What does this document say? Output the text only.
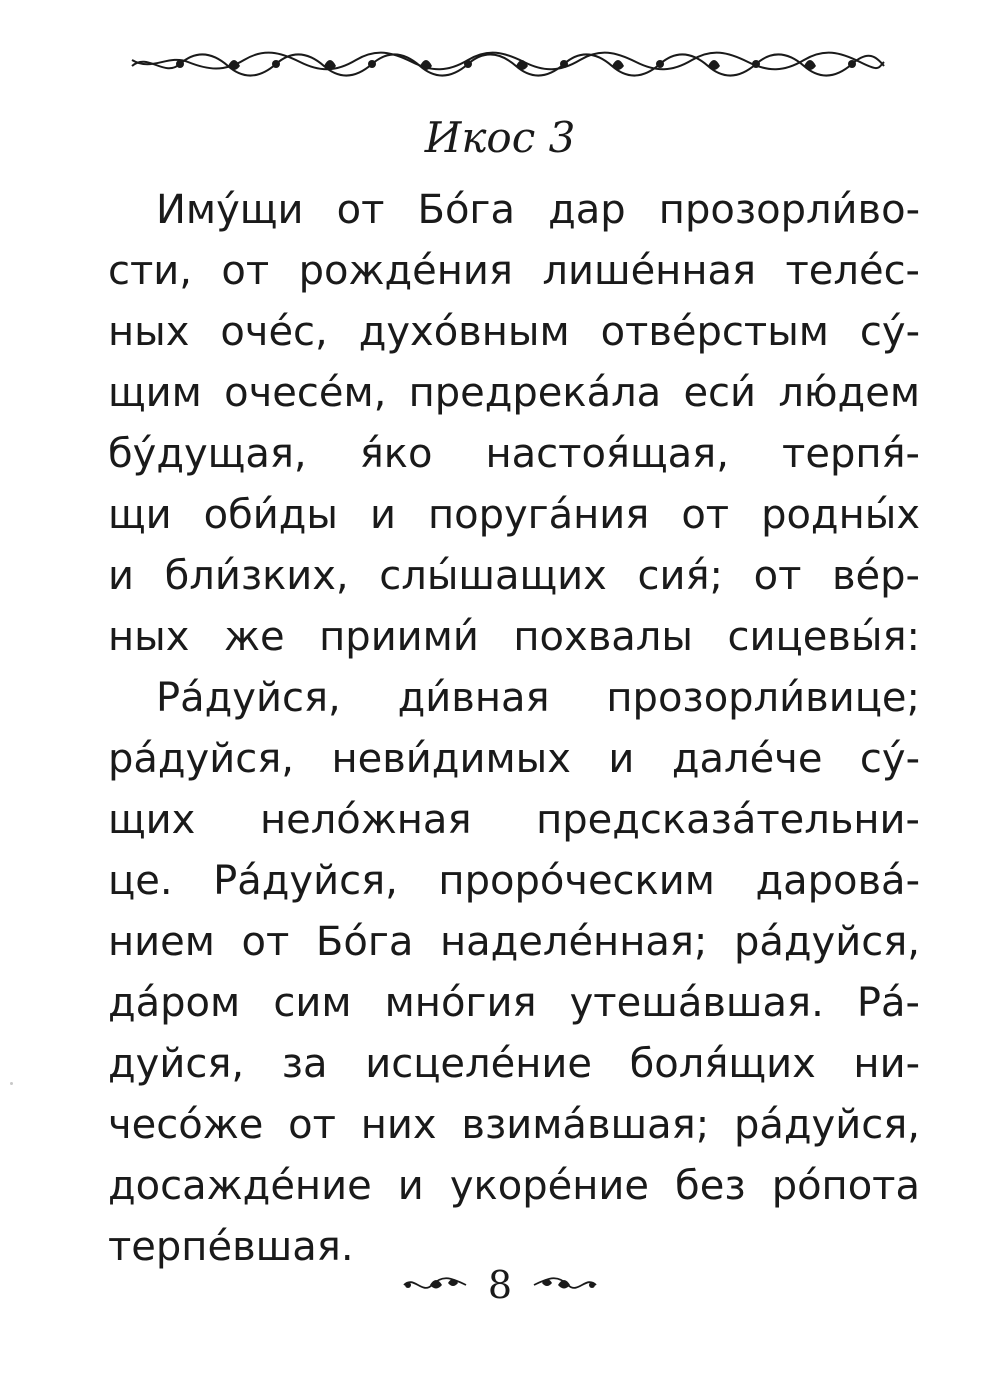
Икос 3
Иму́щи от Бо́га дар прозорли́во-
сти, от рожде́ния лише́нная теле́с-
ных оче́с, духо́вным отве́рстым су́-
щим очесе́м, предрека́ла еси́ лю́дем
бу́дущая, я́ко настоя́щая, терпя́-
щи оби́ды и поруга́ния от родны́х
и бли́зких, слы́шащих сия́; от ве́р-
ных же приими́ похвалы сицевы́я:
Ра́дуйся, ди́вная прозорли́вице;
ра́дуйся, неви́димых и дале́че су́-
щих нело́жная предсказа́тельни-
це. Ра́дуйся, проро́ческим дарова́-
нием от Бо́га наделе́нная; ра́дуйся,
да́ром сим мно́гия утеша́вшая. Ра́-
дуйся, за исцеле́ние боля́щих ни-
чесо́же от них взима́вшая; ра́дуйся,
досажде́ние и укоре́ние без ро́пота
терпе́вшая.
8
